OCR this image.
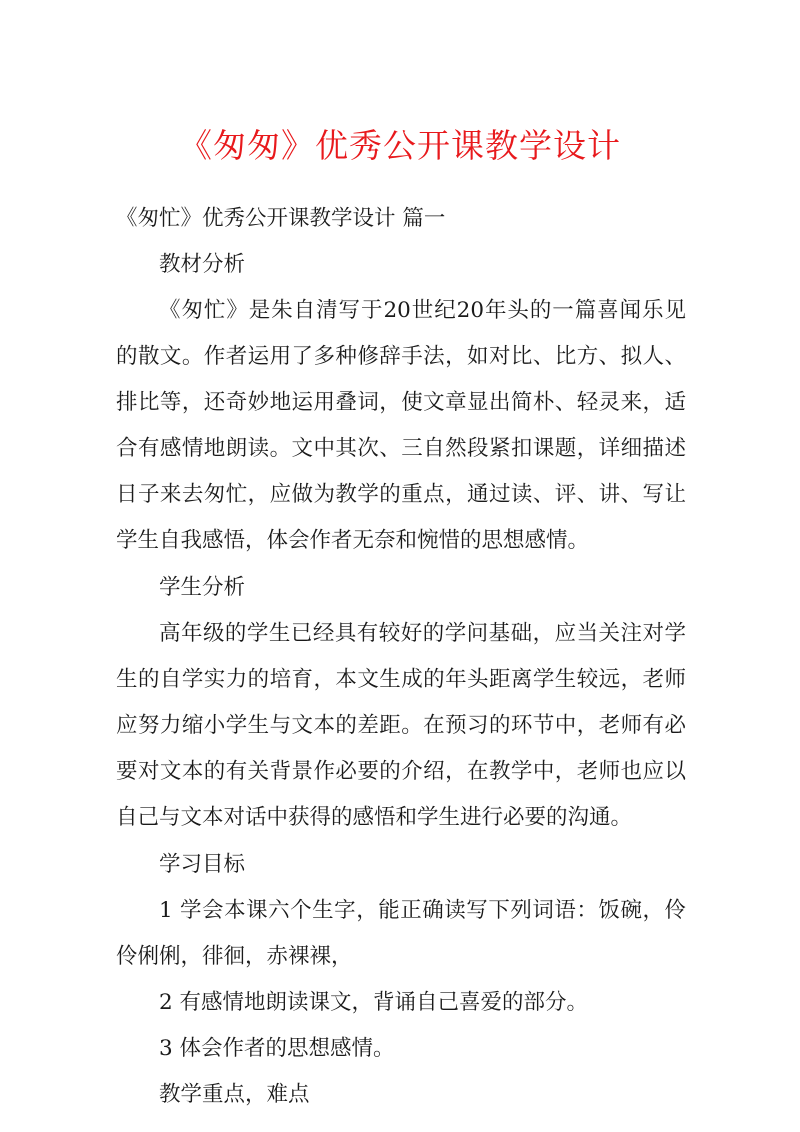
《匆匆》优秀公开课教学设计

《匆忙》优秀公开课教学设计 篇一

教材分析

《匆忙》是朱自清写于20世纪20年头的一篇喜闻乐见的散文。作者运用了多种修辞手法，如对比、比方、拟人、排比等，还奇妙地运用叠词，使文章显出简朴、轻灵来，适合有感情地朗读。文中其次、三自然段紧扣课题，详细描述日子来去匆忙，应做为教学的重点，通过读、评、讲、写让学生自我感悟，体会作者无奈和惋惜的思想感情。

学生分析

高年级的学生已经具有较好的学问基础，应当关注对学生的自学实力的培育，本文生成的年头距离学生较远，老师应努力缩小学生与文本的差距。在预习的环节中，老师有必要对文本的有关背景作必要的介绍，在教学中，老师也应以自己与文本对话中获得的感悟和学生进行必要的沟通。

学习目标

1 学会本课六个生字，能正确读写下列词语：饭碗，伶伶俐俐，徘徊，赤裸裸，

2 有感情地朗读课文，背诵自己喜爱的部分。

3 体会作者的思想感情。

教学重点，难点
